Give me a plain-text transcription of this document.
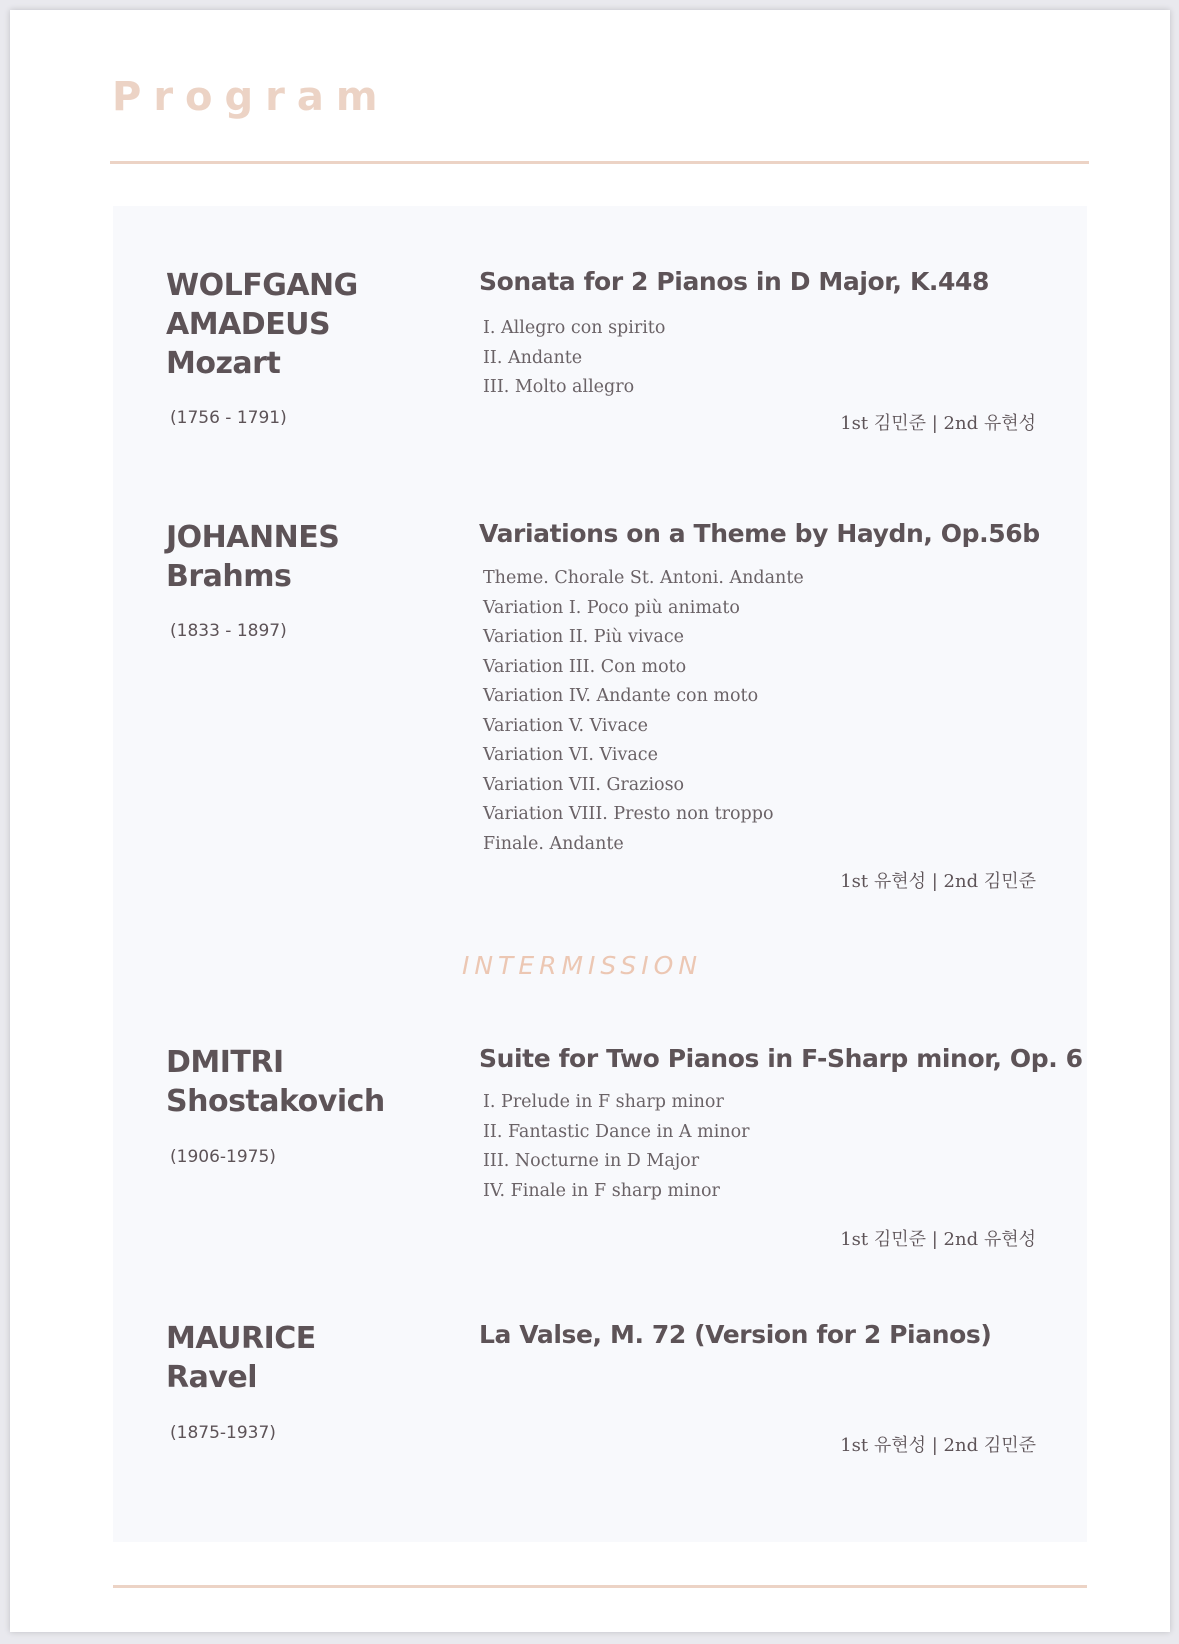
Program
WOLFGANG
AMADEUS
Mozart
(1756 - 1791)
Sonata for 2 Pianos in D Major, K.448
I. Allegro con spirito
II. Andante
III. Molto allegro
1st 김민준 | 2nd 유현성
JOHANNES
Brahms
(1833 - 1897)
Variations on a Theme by Haydn, Op.56b
Theme. Chorale St. Antoni. Andante
Variation I. Poco più animato
Variation II. Più vivace
Variation III. Con moto
Variation IV. Andante con moto
Variation V. Vivace
Variation VI. Vivace
Variation VII. Grazioso
Variation VIII. Presto non troppo
Finale. Andante
1st 유현성 | 2nd 김민준
INTERMISSION
DMITRI
Shostakovich
(1906-1975)
Suite for Two Pianos in F-Sharp minor, Op. 6
I. Prelude in F sharp minor
II. Fantastic Dance in A minor
III. Nocturne in D Major
IV. Finale in F sharp minor
1st 김민준 | 2nd 유현성
MAURICE
Ravel
(1875-1937)
La Valse, M. 72 (Version for 2 Pianos)
1st 유현성 | 2nd 김민준
